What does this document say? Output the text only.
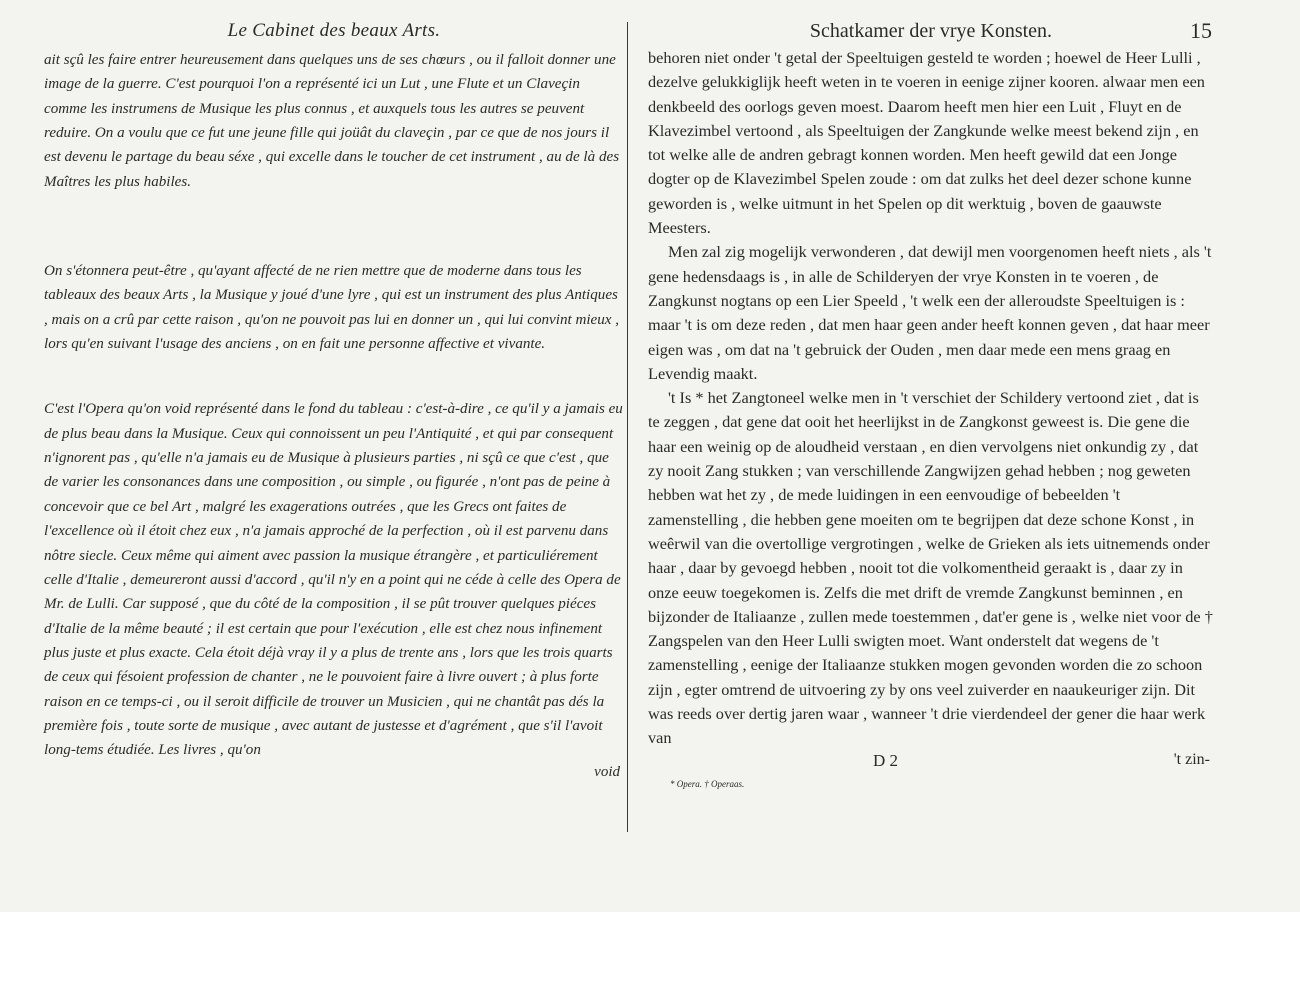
Le Cabinet des beaux Arts.

ait sçû les faire entrer heureusement dans quelques uns de ses chœurs , ou il falloit donner une image de la guerre. C'est pourquoi l'on a représenté ici un Lut , une Flute et un Claveçin comme les instrumens de Musique les plus connus , et auxquels tous les autres se peuvent reduire. On a voulu que ce fut une jeune fille qui joüât du claveçin , par ce que de nos jours il est devenu le partage du beau séxe , qui excelle dans le toucher de cet instrument , au de là des Maîtres les plus habiles.

On s'étonnera peut-être , qu'ayant affecté de ne rien mettre que de moderne dans tous les tableaux des beaux Arts , la Musique y joué d'une lyre , qui est un instrument des plus Antiques , mais on a crû par cette raison , qu'on ne pouvoit pas lui en donner un , qui lui convint mieux , lors qu'en suivant l'usage des anciens , on en fait une personne affective et vivante.

C'est l'Opera qu'on void représenté dans le fond du tableau : c'est-à-dire , ce qu'il y a jamais eu de plus beau dans la Musique. Ceux qui connoissent un peu l'Antiquité , et qui par consequent n'ignorent pas , qu'elle n'a jamais eu de Musique à plusieurs parties , ni sçû ce que c'est , que de varier les consonances dans une composition , ou simple , ou figurée , n'ont pas de peine à concevoir que ce bel Art , malgré les exagerations outrées , que les Grecs ont faites de l'excellence où il étoit chez eux , n'a jamais approché de la perfection , où il est parvenu dans nôtre siecle. Ceux même qui aiment avec passion la musique étrangère , et particuliérement celle d'Italie , demeureront aussi d'accord , qu'il n'y en a point qui ne céde à celle des Opera de Mr. de Lulli. Car supposé , que du côté de la composition , il se pût trouver quelques piéces d'Italie de la même beauté ; il est certain que pour l'exécution , elle est chez nous infinement plus juste et plus exacte. Cela étoit déjà vray il y a plus de trente ans , lors que les trois quarts de ceux qui fésoient profession de chanter , ne le pouvoient faire à livre ouvert ; à plus forte raison en ce temps-ci , ou il seroit difficile de trouver un Musicien , qui ne chantât pas dés la première fois , toute sorte de musique , avec autant de justesse et d'agrément , que s'il l'avoit long-tems étudiée. Les livres , qu'on

void
Schatkamer der vrye Konsten.	15

behoren niet onder 't getal der Speeltuigen gesteld te worden ; hoewel de Heer Lulli , dezelve gelukkiglijk heeft weten in te voeren in eenige zijner kooren. alwaar men een denkbeeld des oorlogs geven moest. Daarom heeft men hier een Luit , Fluyt en de Klavezimbel vertoond , als Speeltuigen der Zangkunde welke meest bekend zijn , en tot welke alle de andren gebragt konnen worden. Men heeft gewild dat een Jonge dogter op de Klavezimbel Spelen zoude : om dat zulks het deel dezer schone kunne geworden is , welke uitmunt in het Spelen op dit werktuig , boven de gaauwste Meesters.

Men zal zig mogelijk verwonderen , dat dewijl men voorgenomen heeft niets , als 't gene hedensdaags is , in alle de Schilderyen der vrye Konsten in te voeren , de Zangkunst nogtans op een Lier Speeld , 't welk een der alleroudste Speeltuigen is : maar 't is om deze reden , dat men haar geen ander heeft konnen geven , dat haar meer eigen was , om dat na 't gebruick der Ouden , men daar mede een mens graag en Levendig maakt.

't Is * het Zangtoneel welke men in 't verschiet der Schildery vertoond ziet , dat is te zeggen , dat gene dat ooit het heerlijkst in de Zangkonst geweest is. Die gene die haar een weinig op de aloudheid verstaan , en dien vervolgens niet onkundig zy , dat zy nooit Zang stukken ; van verschillende Zangwijzen gehad hebben ; nog geweten hebben wat het zy , de mede luidingen in een eenvoudige of bebeelden 't zamenstelling , die hebben gene moeiten om te begrijpen dat deze schone Konst , in weêrwil van die overtollige vergrotingen , welke de Grieken als iets uitnemends onder haar , daar by gevoegd hebben , nooit tot die volkomentheid geraakt is , daar zy in onze eeuw toegekomen is. Zelfs die met drift de vremde Zangkunst beminnen , en bijzonder de Italiaanze , zullen mede toestemmen , dat'er gene is , welke niet voor de † Zangspelen van den Heer Lulli swigten moet. Want onderstelt dat wegens de 't zamenstelling , eenige der Italiaanze stukken mogen gevonden worden die zo schoon zijn , egter omtrend de uitvoering zy by ons veel zuiverder en naaukeuriger zijn. Dit was reeds over dertig jaren waar , wanneer 't drie vierdendeel der gener die haar werk van

D 2	't zin-
* Opera. † Operaas.
